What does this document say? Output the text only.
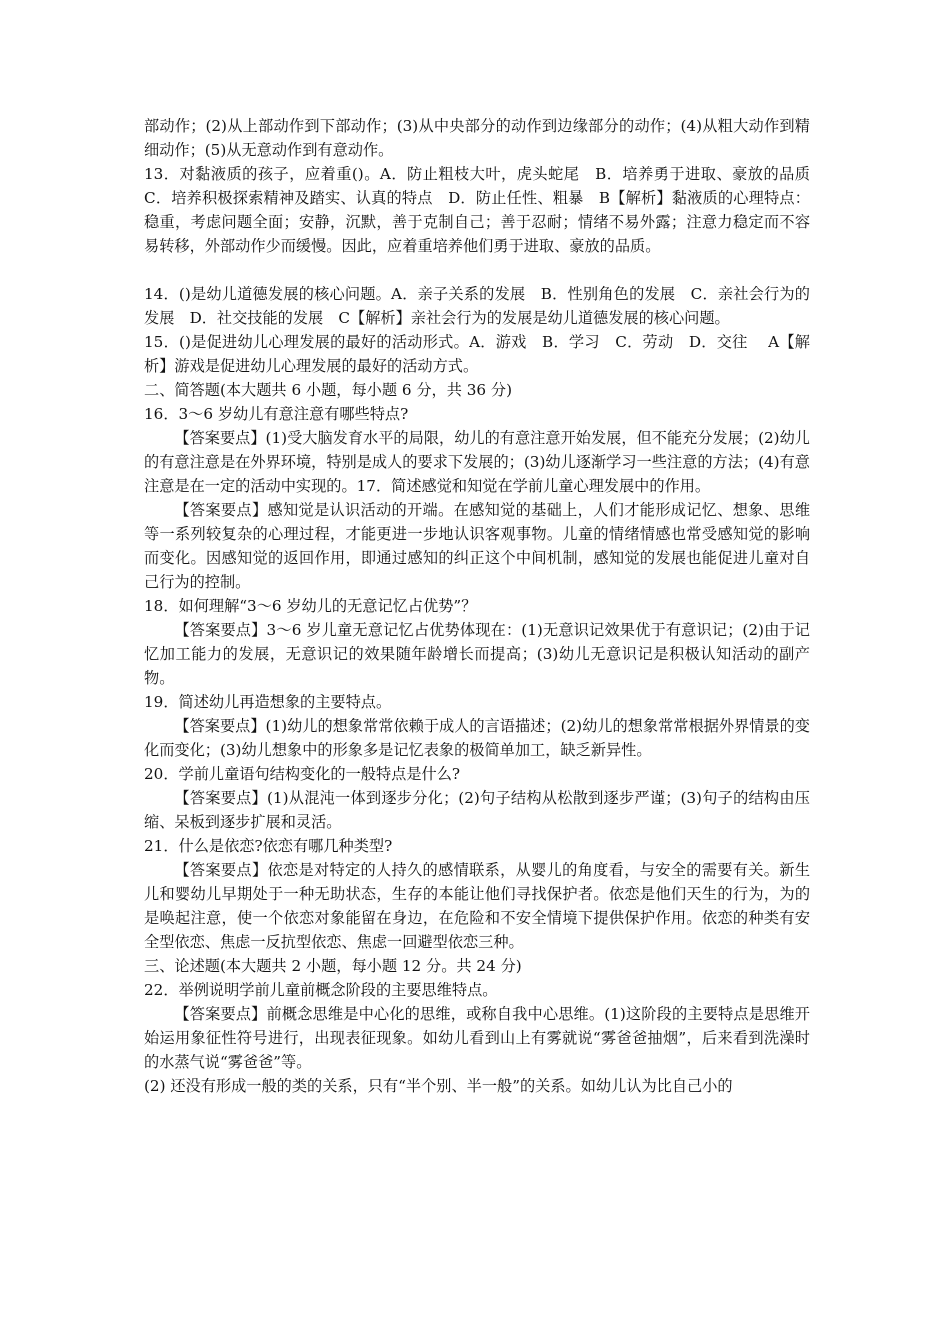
部动作；(2)从上部动作到下部动作；(3)从中央部分的动作到边缘部分的动作；(4)从粗大动作到精细动作；(5)从无意动作到有意动作。

13．对黏液质的孩子，应着重()。A．防止粗枝大叶，虎头蛇尾　B．培养勇于进取、豪放的品质　C．培养积极探索精神及踏实、认真的特点　D．防止任性、粗暴　B【解析】黏液质的心理特点：稳重，考虑问题全面；安静，沉默，善于克制自己；善于忍耐；情绪不易外露；注意力稳定而不容易转移，外部动作少而缓慢。因此，应着重培养他们勇于进取、豪放的品质。

14．()是幼儿道德发展的核心问题。A．亲子关系的发展　B．性别角色的发展　C．亲社会行为的发展　D．社交技能的发展　C【解析】亲社会行为的发展是幼儿道德发展的核心问题。

15．()是促进幼儿心理发展的最好的活动形式。A．游戏　B．学习　C．劳动　D．交往　 A【解析】游戏是促进幼儿心理发展的最好的活动方式。

二、简答题(本大题共 6 小题，每小题 6 分，共 36 分)

16．3～6 岁幼儿有意注意有哪些特点?

【答案要点】(1)受大脑发育水平的局限，幼儿的有意注意开始发展，但不能充分发展；(2)幼儿的有意注意是在外界环境，特别是成人的要求下发展的；(3)幼儿逐渐学习一些注意的方法；(4)有意注意是在一定的活动中实现的。17．简述感觉和知觉在学前儿童心理发展中的作用。

【答案要点】感知觉是认识活动的开端。在感知觉的基础上，人们才能形成记忆、想象、思维等一系列较复杂的心理过程，才能更进一步地认识客观事物。儿童的情绪情感也常受感知觉的影响而变化。因感知觉的返回作用，即通过感知的纠正这个中间机制，感知觉的发展也能促进儿童对自己行为的控制。

18．如何理解“3～6 岁幼儿的无意记忆占优势”？

【答案要点】3～6 岁儿童无意记忆占优势体现在：(1)无意识记效果优于有意识记；(2)由于记忆加工能力的发展，无意识记的效果随年龄增长而提高；(3)幼儿无意识记是积极认知活动的副产物。

19．简述幼儿再造想象的主要特点。

【答案要点】(1)幼儿的想象常常依赖于成人的言语描述；(2)幼儿的想象常常根据外界情景的变化而变化；(3)幼儿想象中的形象多是记忆表象的极简单加工，缺乏新异性。

20．学前儿童语句结构变化的一般特点是什么?

【答案要点】(1)从混沌一体到逐步分化；(2)句子结构从松散到逐步严谨；(3)句子的结构由压缩、呆板到逐步扩展和灵活。

21．什么是依恋?依恋有哪几种类型?

【答案要点】依恋是对特定的人持久的感情联系，从婴儿的角度看，与安全的需要有关。新生儿和婴幼儿早期处于一种无助状态，生存的本能让他们寻找保护者。依恋是他们天生的行为，为的是唤起注意，使一个依恋对象能留在身边，在危险和不安全情境下提供保护作用。依恋的种类有安全型依恋、焦虑一反抗型依恋、焦虑一回避型依恋三种。

三、论述题(本大题共 2 小题，每小题 12 分。共 24 分)

22．举例说明学前儿童前概念阶段的主要思维特点。

【答案要点】前概念思维是中心化的思维，或称自我中心思维。(1)这阶段的主要特点是思维开始运用象征性符号进行，出现表征现象。如幼儿看到山上有雾就说“雾爸爸抽烟”，后来看到洗澡时的水蒸气说“雾爸爸”等。

(2) 还没有形成一般的类的关系，只有“半个别、半一般”的关系。如幼儿认为比自己小的
